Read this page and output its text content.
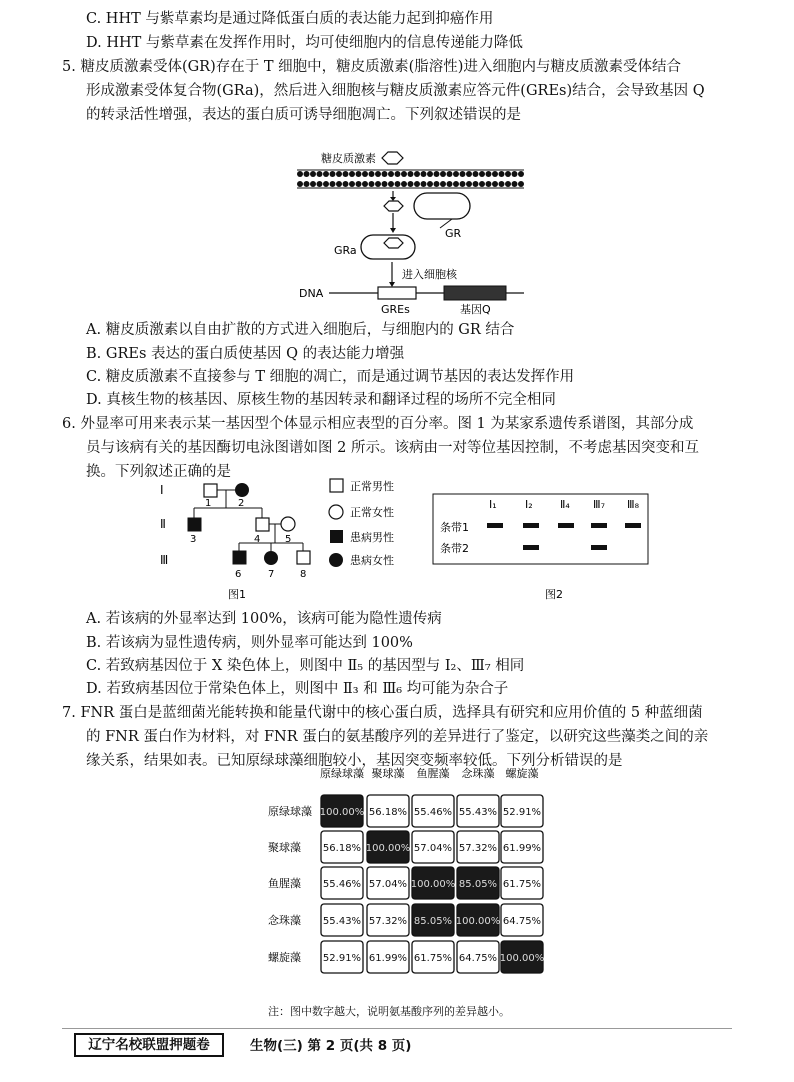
C. HHT 与紫草素均是通过降低蛋白质的表达能力起到抑癌作用
D. HHT 与紫草素在发挥作用时，均可使细胞内的信息传递能力降低
5. 糖皮质激素受体(GR)存在于 T 细胞中，糖皮质激素(脂溶性)进入细胞内与糖皮质激素受体结合
形成激素受体复合物(GRa)，然后进入细胞核与糖皮质激素应答元件(GREs)结合，会导致基因 Q
的转录活性增强，表达的蛋白质可诱导细胞凋亡。下列叙述错误的是
糖皮质激素
GR
GRa
进入细胞核
DNA
GREs	基因Q
A. 糖皮质激素以自由扩散的方式进入细胞后，与细胞内的 GR 结合
B. GREs 表达的蛋白质使基因 Q 的表达能力增强
C. 糖皮质激素不直接参与 T 细胞的凋亡，而是通过调节基因的表达发挥作用
D. 真核生物的核基因、原核生物的基因转录和翻译过程的场所不完全相同
6. 外显率可用来表示某一基因型个体显示相应表型的百分率。图 1 为某家系遗传系谱图，其部分成
员与该病有关的基因酶切电泳图谱如图 2 所示。该病由一对等位基因控制，不考虑基因突变和互
换。下列叙述正确的是
Ⅰ
Ⅱ
Ⅲ
1	2
3	4 5
6	7	8
正常男性
正常女性
患病男性
患病女性
图1
Ⅰ₁	Ⅰ₂ Ⅱ₄ Ⅲ₇ Ⅲ₈
条带1
条带2
图2
A. 若该病的外显率达到 100%，该病可能为隐性遗传病
B. 若该病为显性遗传病，则外显率可能达到 100%
C. 若致病基因位于 X 染色体上，则图中 Ⅱ₅ 的基因型与 Ⅰ₂、Ⅲ₇ 相同
D. 若致病基因位于常染色体上，则图中 Ⅱ₃ 和 Ⅲ₆ 均可能为杂合子
7. FNR 蛋白是蓝细菌光能转换和能量代谢中的核心蛋白质，选择具有研究和应用价值的 5 种蓝细菌
的 FNR 蛋白作为材料，对 FNR 蛋白的氨基酸序列的差异进行了鉴定，以研究这些藻类之间的亲
缘关系，结果如表。已知原绿球藻细胞较小，基因突变频率较低。下列分析错误的是
原绿球藻 聚球藻 鱼腥藻 念珠藻 螺旋藻
原绿球藻 100.00% 56.18% 55.46% 55.43% 52.91%
聚球藻 56.18% 100.00% 57.04% 57.32% 61.99%
鱼腥藻 55.46% 57.04% 100.00% 85.05% 61.75%
念珠藻 55.43% 57.32% 85.05% 100.00% 64.75%
螺旋藻 52.91% 61.99% 61.75% 64.75% 100.00%
注：图中数字越大，说明氨基酸序列的差异越小。
辽宁名校联盟押题卷	生物(三) 第 2 页(共 8 页)
